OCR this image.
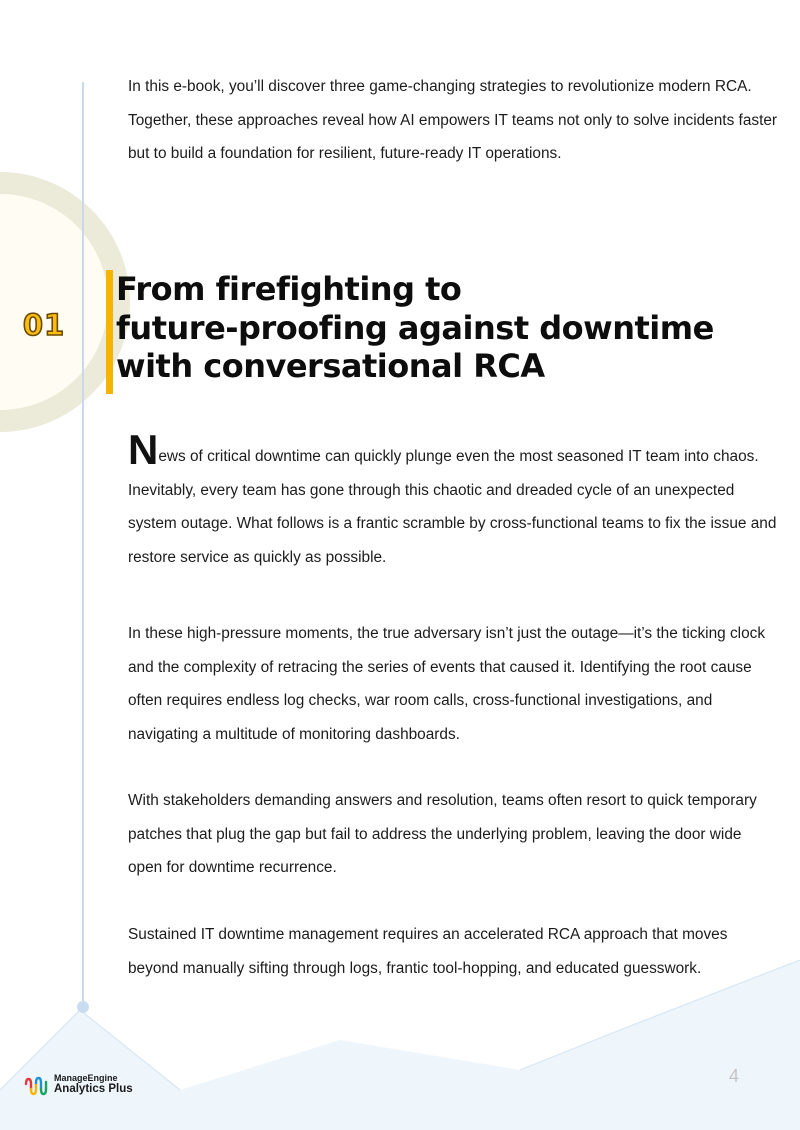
In this e-book, you’ll discover three game-changing strategies to revolutionize modern RCA. Together, these approaches reveal how AI empowers IT teams not only to solve incidents faster but to build a foundation for resilient, future-ready IT operations.

01
From firefighting to
future-proofing against downtime
with conversational RCA

News of critical downtime can quickly plunge even the most seasoned IT team into chaos. Inevitably, every team has gone through this chaotic and dreaded cycle of an unexpected system outage. What follows is a frantic scramble by cross-functional teams to fix the issue and restore service as quickly as possible.

In these high-pressure moments, the true adversary isn’t just the outage—it’s the ticking clock and the complexity of retracing the series of events that caused it. Identifying the root cause often requires endless log checks, war room calls, cross-functional investigations, and navigating a multitude of monitoring dashboards.

With stakeholders demanding answers and resolution, teams often resort to quick temporary patches that plug the gap but fail to address the underlying problem, leaving the door wide open for downtime recurrence.

Sustained IT downtime management requires an accelerated RCA approach that moves beyond manually sifting through logs, frantic tool-hopping, and educated guesswork.

ManageEngine
Analytics Plus
4
